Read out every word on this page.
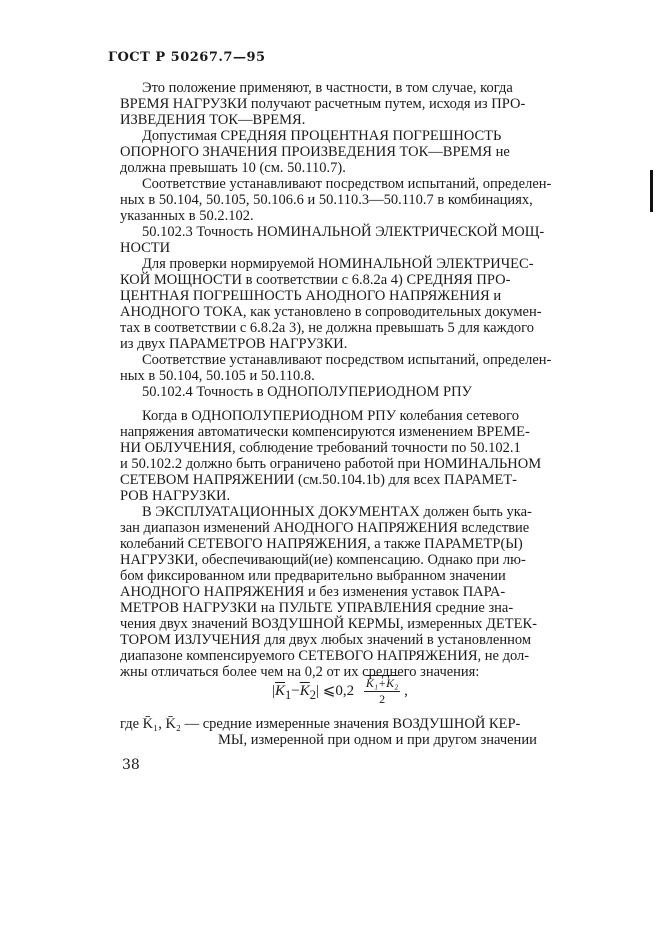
ГОСТ Р 50267.7—95
Это положение применяют, в частности, в том случае, когда
ВРЕМЯ НАГРУЗКИ получают расчетным путем, исходя из ПРО-
ИЗВЕДЕНИЯ ТОК—ВРЕМЯ.
Допустимая СРЕДНЯЯ ПРОЦЕНТНАЯ ПОГРЕШНОСТЬ
ОПОРНОГО ЗНАЧЕНИЯ ПРОИЗВЕДЕНИЯ ТОК—ВРЕМЯ не
должна превышать 10 (см. 50.110.7).
Соответствие устанавливают посредством испытаний, определен-
ных в 50.104, 50.105, 50.106.6 и 50.110.3—50.110.7 в комбинациях,
указанных в 50.2.102.
50.102.3 Точность НОМИНАЛЬНОЙ ЭЛЕКТРИЧЕСКОЙ МОЩ-
НОСТИ
Для проверки нормируемой НОМИНАЛЬНОЙ ЭЛЕКТРИЧЕС-
КОЙ МОЩНОСТИ в соответствии с 6.8.2а 4) СРЕДНЯЯ ПРО-
ЦЕНТНАЯ ПОГРЕШНОСТЬ АНОДНОГО НАПРЯЖЕНИЯ и
АНОДНОГО ТОКА, как установлено в сопроводительных докумен-
тах в соответствии с 6.8.2а 3), не должна превышать 5 для каждого
из двух ПАРАМЕТРОВ НАГРУЗКИ.
Соответствие устанавливают посредством испытаний, определен-
ных в 50.104, 50.105 и 50.110.8.
50.102.4 Точность в ОДНОПОЛУПЕРИОДНОМ РПУ
Когда в ОДНОПОЛУПЕРИОДНОМ РПУ колебания сетевого
напряжения автоматически компенсируются изменением ВРЕМЕ-
НИ ОБЛУЧЕНИЯ, соблюдение требований точности по 50.102.1
и 50.102.2 должно быть ограничено работой при НОМИНАЛЬНОМ
СЕТЕВОМ НАПРЯЖЕНИИ (см.50.104.1b) для всех ПАРАМЕТ-
РОВ НАГРУЗКИ.
В ЭКСПЛУАТАЦИОННЫХ ДОКУМЕНТАХ должен быть ука-
зан диапазон изменений АНОДНОГО НАПРЯЖЕНИЯ вследствие
колебаний СЕТЕВОГО НАПРЯЖЕНИЯ, а также ПАРАМЕТР(Ы)
НАГРУЗКИ, обеспечивающий(ие) компенсацию. Однако при лю-
бом фиксированном или предварительно выбранном значении
АНОДНОГО НАПРЯЖЕНИЯ и без изменения уставок ПАРА-
МЕТРОВ НАГРУЗКИ на ПУЛЬТЕ УПРАВЛЕНИЯ средние зна-
чения двух значений ВОЗДУШНОЙ КЕРМЫ, измеренных ДЕТЕК-
ТОРОМ ИЗЛУЧЕНИЯ для двух любых значений в установленном
диапазоне компенсируемого СЕТЕВОГО НАПРЯЖЕНИЯ, не дол-
жны отличаться более чем на 0,2 от их среднего значения:
$|\overline{K}_1-\overline{K}_2|$ ⩽0,2 $\frac{\text{K₁+K₂}}{2}$ ,
где K̄₁, K̄₂ — средние измеренные значения ВОЗДУШНОЙ КЕР-
МЫ, измеренной при одном и при другом значении
38
